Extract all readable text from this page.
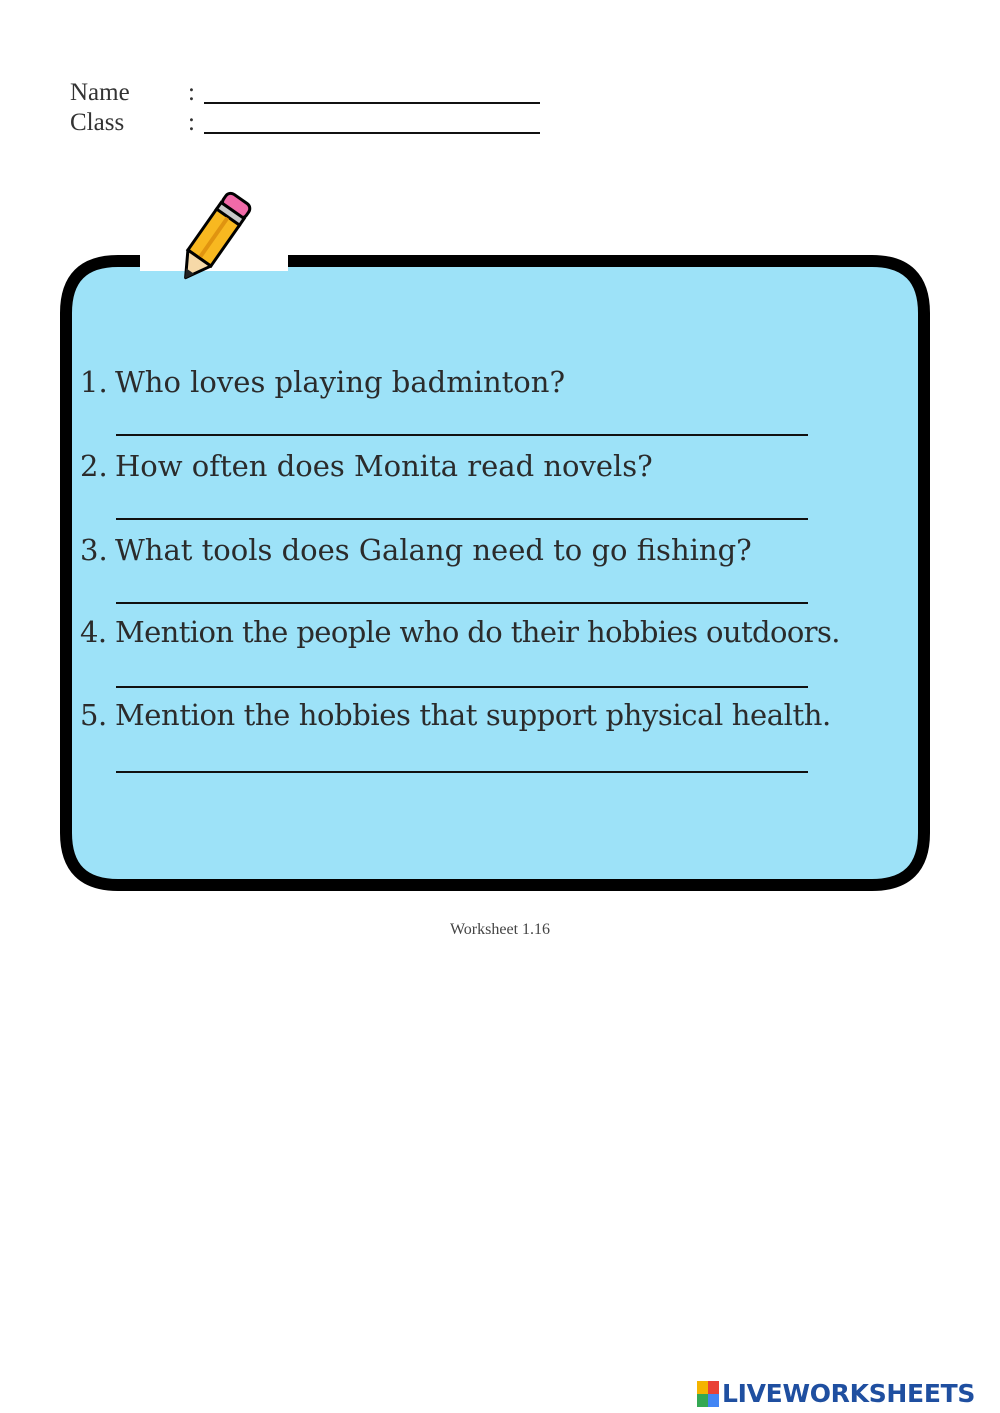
Name :
Class	:
1. Who loves playing badminton?
2. How often does Monita read novels?
3. What tools does Galang need to go fishing?
4. Mention the people who do their hobbies outdoors.
5. Mention the hobbies that support physical health.
Worksheet 1.16
LIVEWORKSHEETS
